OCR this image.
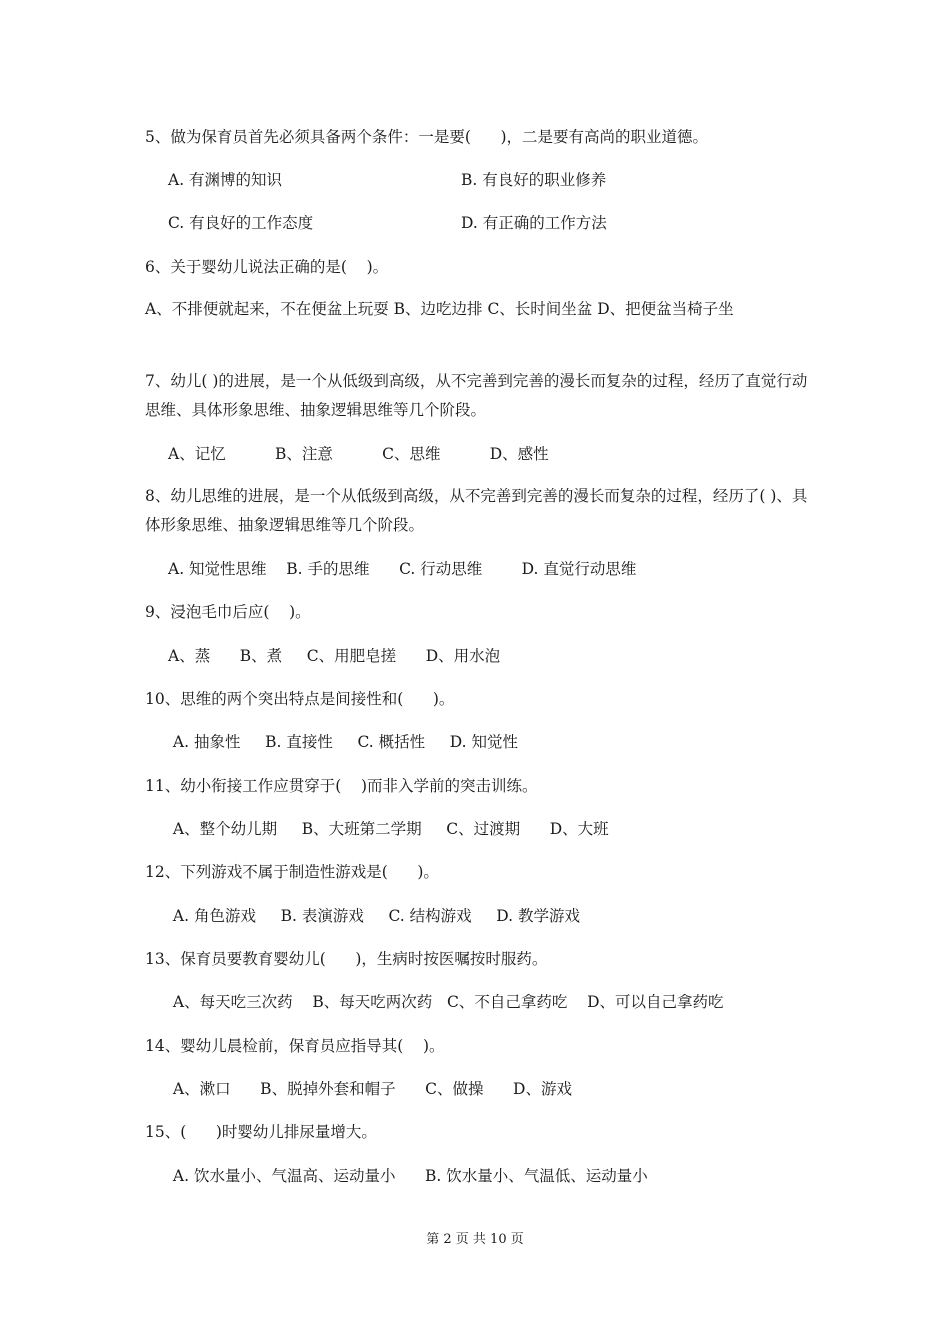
5、做为保育员首先必须具备两个条件：一是要(      )，二是要有高尚的职业道德。
A. 有渊博的知识	B. 有良好的职业修养
C. 有良好的工作态度	D. 有正确的工作方法
6、关于婴幼儿说法正确的是(    )。
A、不排便就起来，不在便盆上玩耍 B、边吃边排 C、长时间坐盆 D、把便盆当椅子坐
7、幼儿( )的进展，是一个从低级到高级，从不完善到完善的漫长而复杂的过程，经历了直觉行动思维、具体形象思维、抽象逻辑思维等几个阶段。
A、记忆          B、注意          C、思维          D、感性
8、幼儿思维的进展，是一个从低级到高级，从不完善到完善的漫长而复杂的过程，经历了( )、具体形象思维、抽象逻辑思维等几个阶段。
A. 知觉性思维    B. 手的思维      C. 行动思维        D. 直觉行动思维
9、浸泡毛巾后应(    )。
A、蒸      B、煮     C、用肥皂搓      D、用水泡
10、思维的两个突出特点是间接性和(      )。
A. 抽象性     B. 直接性     C. 概括性     D. 知觉性
11、幼小衔接工作应贯穿于(    )而非入学前的突击训练。
A、整个幼儿期     B、大班第二学期     C、过渡期      D、大班
12、下列游戏不属于制造性游戏是(      )。
A. 角色游戏     B. 表演游戏     C. 结构游戏     D. 教学游戏
13、保育员要教育婴幼儿(      )，生病时按医嘱按时服药。
A、每天吃三次药    B、每天吃两次药   C、不自己拿药吃    D、可以自己拿药吃
14、婴幼儿晨检前，保育员应指导其(    )。
A、漱口      B、脱掉外套和帽子      C、做操      D、游戏
15、(      )时婴幼儿排尿量增大。
A. 饮水量小、气温高、运动量小      B. 饮水量小、气温低、运动量小
第 2 页 共 10 页
